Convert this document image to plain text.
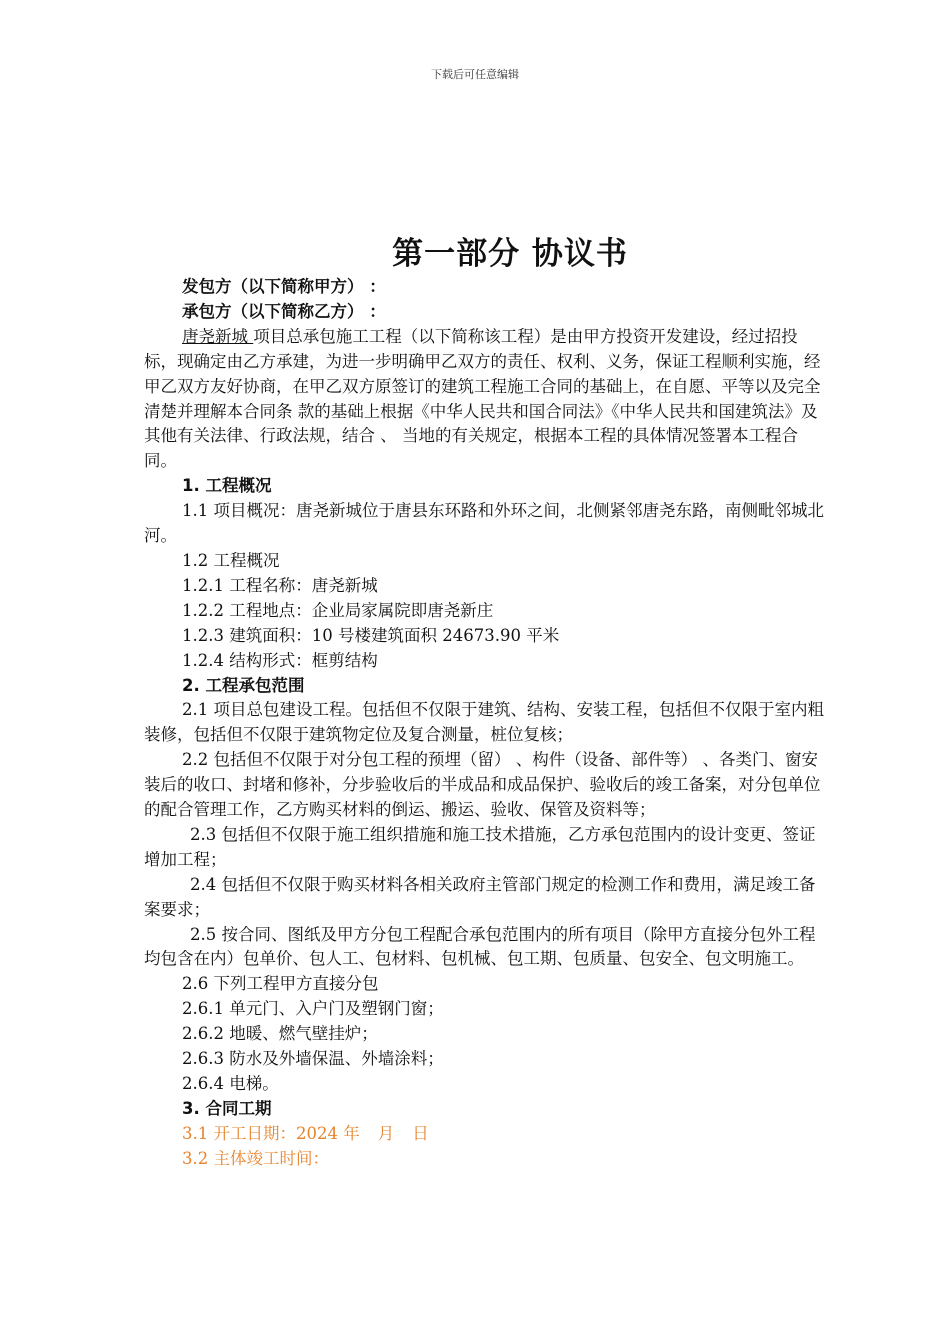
下载后可任意编辑
第一部分 协议书

发包方（以下简称甲方） ：

承包方（以下简称乙方） ：

唐尧新城 项目总承包施工工程（以下简称该工程）是由甲方投资开发建设，经过招投标，现确定由乙方承建，为进一步明确甲乙双方的责任、权利、义务，保证工程顺利实施，经甲乙双方友好协商，在甲乙双方原签订的建筑工程施工合同的基础上，在自愿、平等以及完全清楚并理解本合同条 款的基础上根据《中华人民共和国合同法》《中华人民共和国建筑法》及其他有关法律、行政法规，结合 、 当地的有关规定，根据本工程的具体情况签署本工程合同。

1. 工程概况

1.1 项目概况：唐尧新城位于唐县东环路和外环之间，北侧紧邻唐尧东路，南侧毗邻城北河。

1.2 工程概况

1.2.1 工程名称：唐尧新城

1.2.2 工程地点：企业局家属院即唐尧新庄

1.2.3 建筑面积：10 号楼建筑面积 24673.90 平米

1.2.4 结构形式：框剪结构

2. 工程承包范围

2.1 项目总包建设工程。包括但不仅限于建筑、结构、安装工程，包括但不仅限于室内粗装修，包括但不仅限于建筑物定位及复合测量，桩位复核；

2.2 包括但不仅限于对分包工程的预埋（留） 、构件（设备、部件等） 、各类门、窗安装后的收口、封堵和修补，分步验收后的半成品和成品保护、验收后的竣工备案，对分包单位的配合管理工作，乙方购买材料的倒运、搬运、验收、保管及资料等；

2.3 包括但不仅限于施工组织措施和施工技术措施，乙方承包范围内的设计变更、签证增加工程；

2.4 包括但不仅限于购买材料各相关政府主管部门规定的检测工作和费用，满足竣工备案要求；

2.5 按合同、图纸及甲方分包工程配合承包范围内的所有项目（除甲方直接分包外工程均包含在内）包单价、包人工、包材料、包机械、包工期、包质量、包安全、包文明施工。

2.6 下列工程甲方直接分包

2.6.1 单元门、入户门及塑钢门窗；

2.6.2 地暖、燃气壁挂炉；

2.6.3 防水及外墙保温、外墙涂料；

2.6.4 电梯。

3. 合同工期

3.1 开工日期：2024 年 月 日

3.2 主体竣工时间：
